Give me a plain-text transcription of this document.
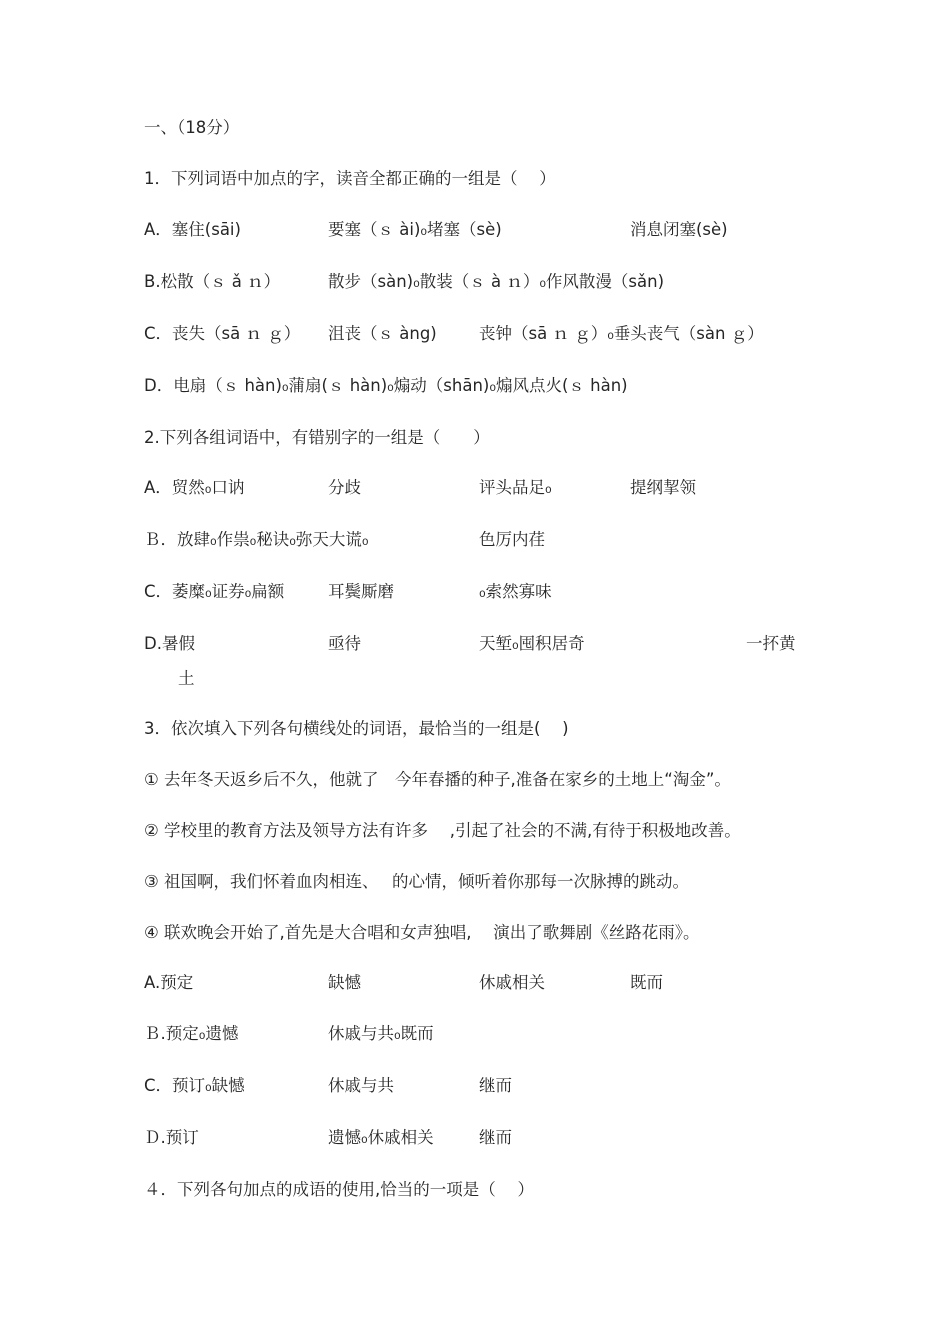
一、（18分）
1．下列词语中加点的字，读音全都正确的一组是（　 ）
A．塞住(sāi)	要塞（ｓ ài)₀堵塞（sè)	消息闭塞(sè)
B.松散（ｓ ǎ ｎ）	散步（sàn)₀散装（ｓ à ｎ）₀作风散漫（sǎn)
C．丧失（sā ｎ ｇ） 沮丧（ｓ àng)	丧钟（sā ｎ ｇ）₀垂头丧气（sàn ｇ）
D．电扇（ｓ hàn)₀蒲扇(ｓ hàn)₀煽动（shān)₀煽风点火(ｓ hàn)
2.下列各组词语中，有错别字的一组是（　　）
A．贸然₀口讷	分歧	评头品足₀	提纲挈领
Ｂ．放肆₀作祟₀秘诀₀弥天大谎₀	色厉内荏
C．萎糜₀证券₀扁额	耳鬓厮磨	₀索然寡味
D.暑假	亟待	天堑₀囤积居奇	一抔黄
土
3．依次填入下列各句横线处的词语，最恰当的一组是(　 )
① 去年冬天返乡后不久，他就了　今年春播的种子,准备在家乡的土地上“淘金”。
② 学校里的教育方法及领导方法有许多　 ,引起了社会的不满,有待于积极地改善。
③ 祖国啊，我们怀着血肉相连、　 的心情，倾听着你那每一次脉搏的跳动。
④ 联欢晚会开始了,首先是大合唱和女声独唱,　 演出了歌舞剧《丝路花雨》。
A.预定	缺憾	休戚相关	既而
Ｂ.预定₀遗憾	休戚与共₀既而
C．预订₀缺憾	休戚与共	继而
Ｄ.预订	遗憾₀休戚相关	继而
４．下列各句加点的成语的使用,恰当的一项是（　 ）
